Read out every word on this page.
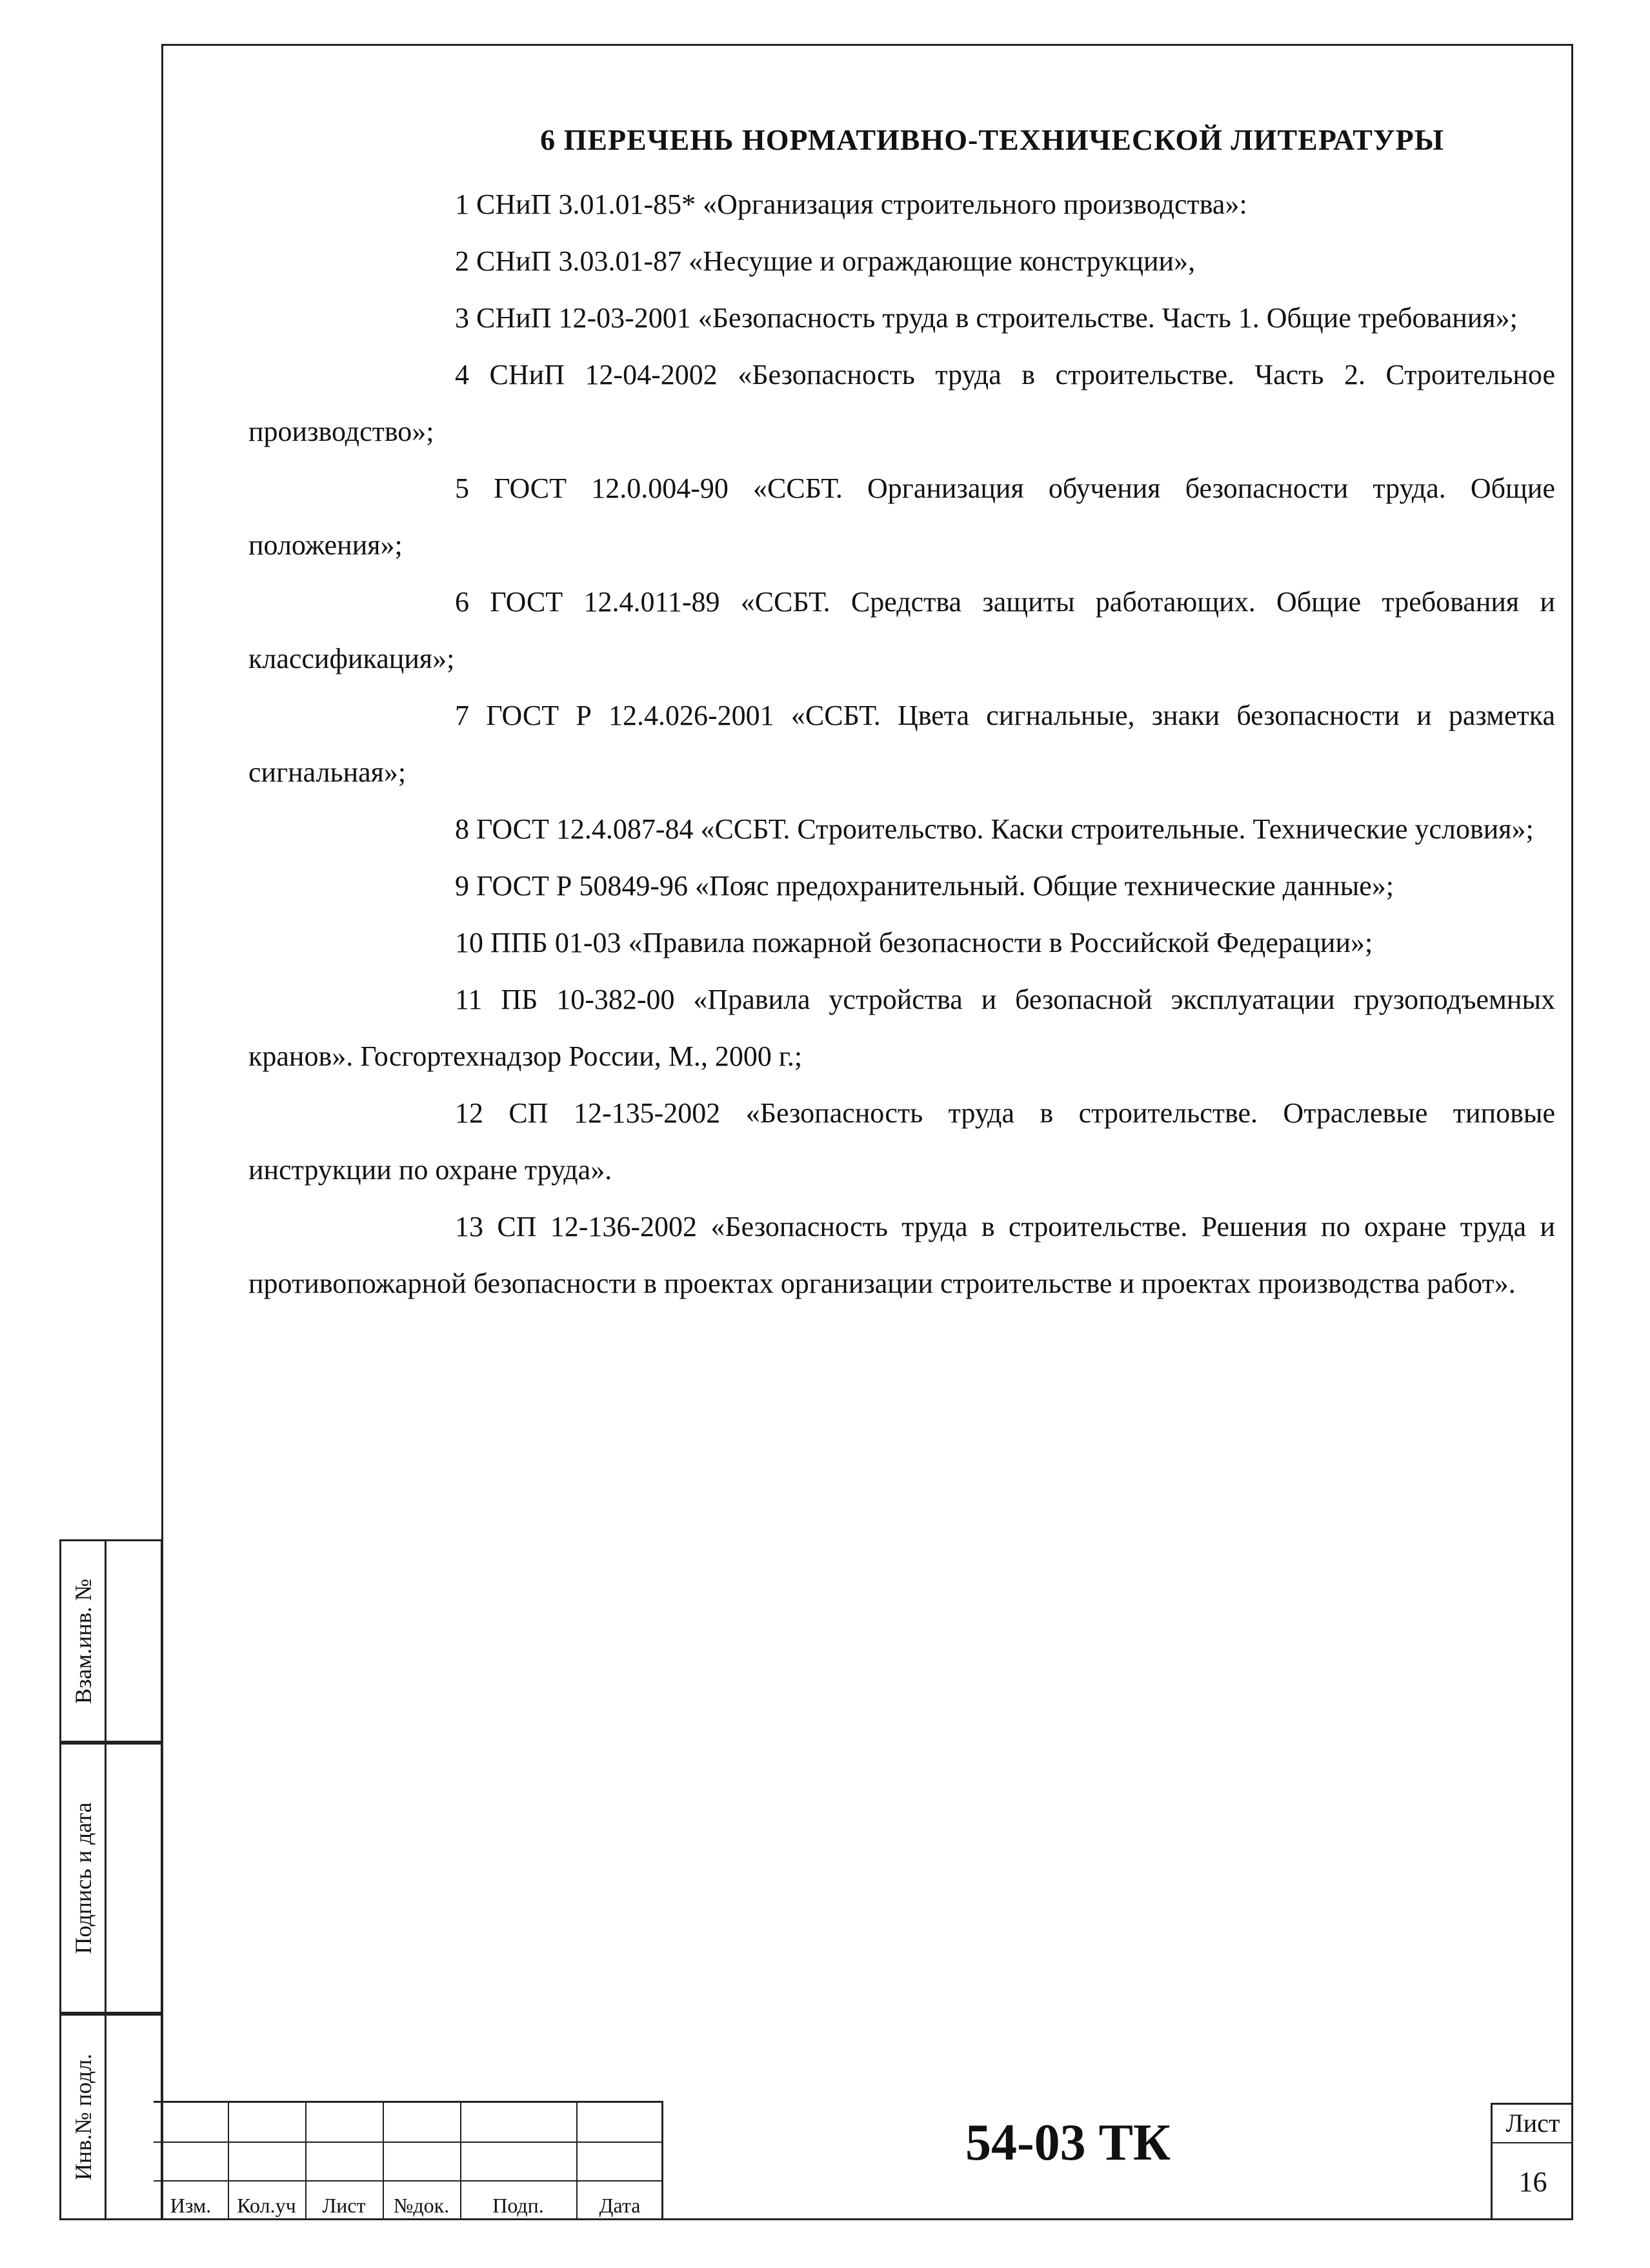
6 ПЕРЕЧЕНЬ НОРМАТИВНО-ТЕХНИЧЕСКОЙ ЛИТЕРАТУРЫ

1 СНиП 3.01.01-85* «Организация строительного производства»:

2 СНиП 3.03.01-87 «Несущие и ограждающие конструкции»,

3 СНиП 12-03-2001 «Безопасность труда в строительстве. Часть 1. Общие требования»;

4 СНиП 12-04-2002 «Безопасность труда в строительстве. Часть 2. Строительное производство»;

5 ГОСТ 12.0.004-90 «ССБТ. Организация обучения безопасности труда. Общие положения»;

6 ГОСТ 12.4.011-89 «ССБТ. Средства защиты работающих. Общие требования и классификация»;

7 ГОСТ Р 12.4.026-2001 «ССБТ. Цвета сигнальные, знаки безопасности и разметка сигнальная»;

8 ГОСТ 12.4.087-84 «ССБТ. Строительство. Каски строительные. Технические условия»;

9 ГОСТ Р 50849-96 «Пояс предохранительный. Общие технические данные»;

10 ППБ 01-03 «Правила пожарной безопасности в Российской Федерации»;

11 ПБ 10-382-00 «Правила устройства и безопасной эксплуатации грузоподъемных кранов». Госгортехнадзор России, М., 2000 г.;

12 СП 12-135-2002 «Безопасность труда в строительстве. Отраслевые типовые инструкции по охране труда».

13 СП 12-136-2002 «Безопасность труда в строительстве. Решения по охране труда и противопожарной безопасности в проектах организации строительстве и проектах производства работ».

Взам.инв. №
Подпись и дата
Инв.№ подл.
Изм.	Кол.уч	Лист	№док.	Подп.	Дата
54-03 ТК	Лист
16
